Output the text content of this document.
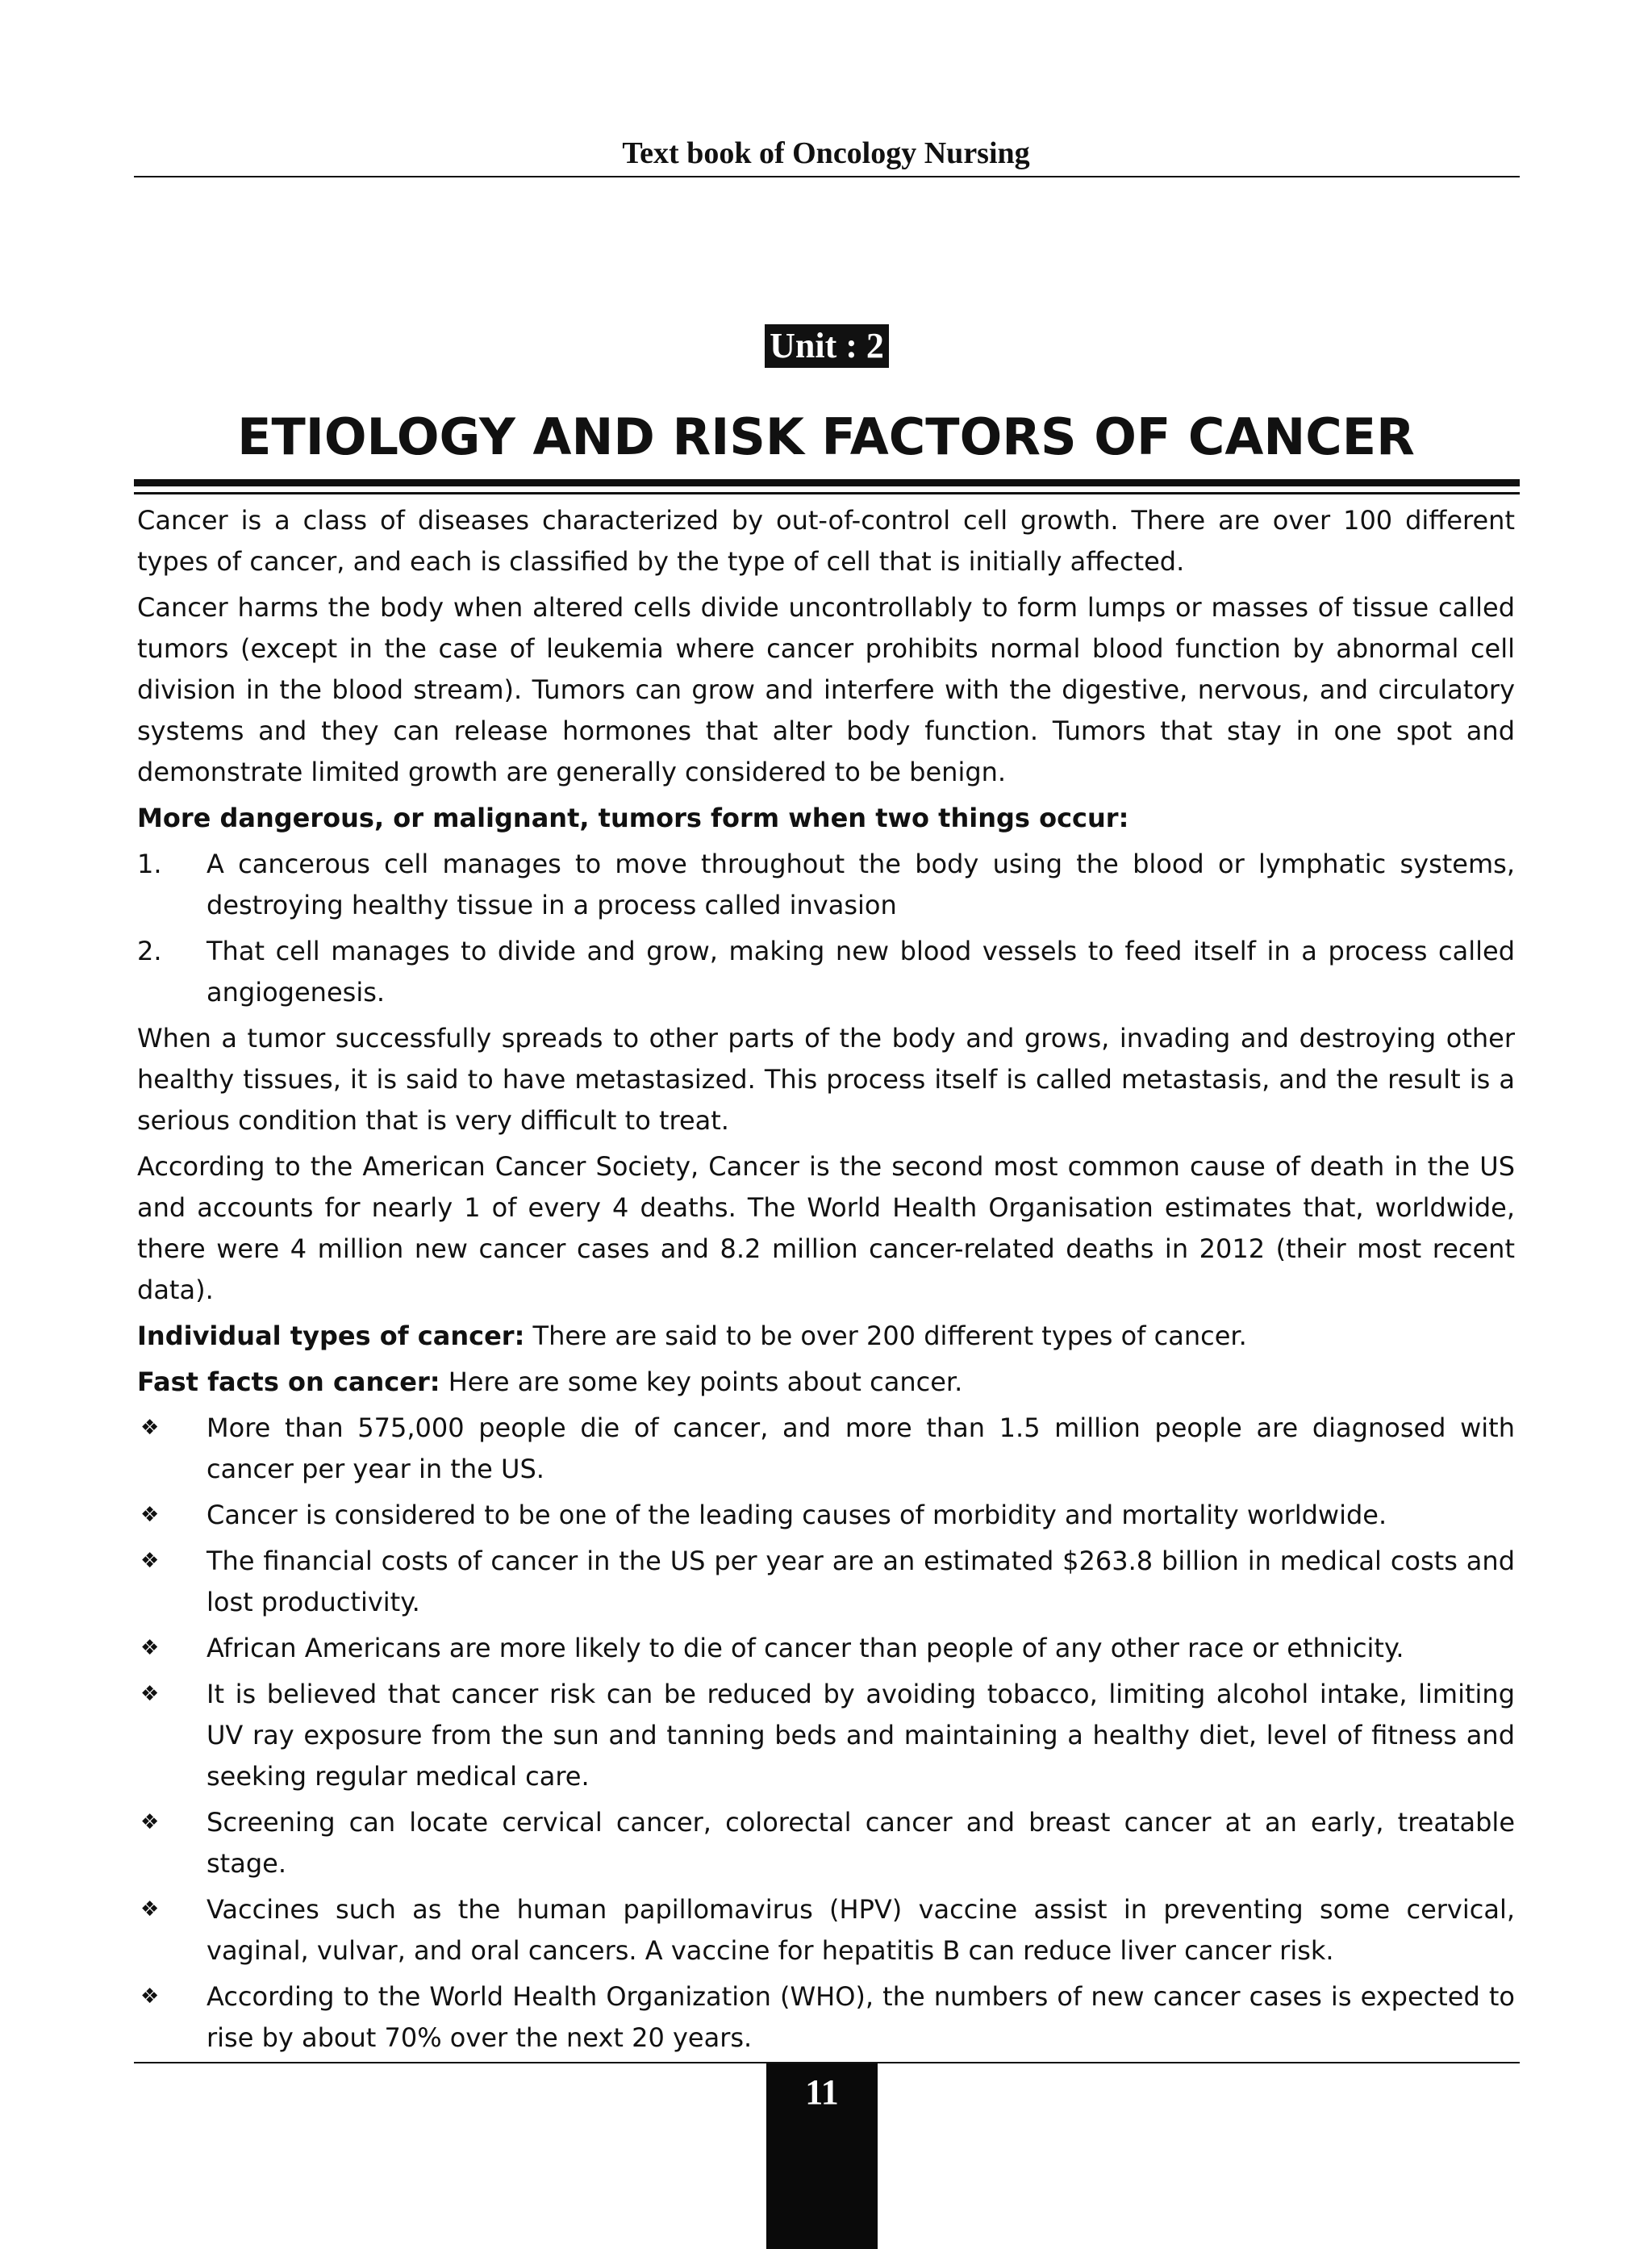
Text book of Oncology Nursing
Unit : 2
ETIOLOGY AND RISK FACTORS OF CANCER

Cancer is a class of diseases characterized by out-of-control cell growth. There are over 100 different types of cancer, and each is classified by the type of cell that is initially affected.

Cancer harms the body when altered cells divide uncontrollably to form lumps or masses of tissue called tumors (except in the case of leukemia where cancer prohibits normal blood function by abnormal cell division in the blood stream). Tumors can grow and interfere with the digestive, nervous, and circulatory systems and they can release hormones that alter body function. Tumors that stay in one spot and demonstrate limited growth are generally considered to be benign.

More dangerous, or malignant, tumors form when two things occur:

1.	A cancerous cell manages to move throughout the body using the blood or lymphatic systems, destroying healthy tissue in a process called invasion
2.	That cell manages to divide and grow, making new blood vessels to feed itself in a process called angiogenesis.

When a tumor successfully spreads to other parts of the body and grows, invading and destroying other healthy tissues, it is said to have metastasized. This process itself is called metastasis, and the result is a serious condition that is very difficult to treat.

According to the American Cancer Society, Cancer is the second most common cause of death in the US and accounts for nearly 1 of every 4 deaths. The World Health Organisation estimates that, worldwide, there were 4 million new cancer cases and 8.2 million cancer-related deaths in 2012 (their most recent data).

Individual types of cancer: There are said to be over 200 different types of cancer.

Fast facts on cancer: Here are some key points about cancer.

❖	More than 575,000 people die of cancer, and more than 1.5 million people are diagnosed with cancer per year in the US.
❖	Cancer is considered to be one of the leading causes of morbidity and mortality worldwide.
❖	The financial costs of cancer in the US per year are an estimated $263.8 billion in medical costs and lost productivity.
❖	African Americans are more likely to die of cancer than people of any other race or ethnicity.
❖	It is believed that cancer risk can be reduced by avoiding tobacco, limiting alcohol intake, limiting UV ray exposure from the sun and tanning beds and maintaining a healthy diet, level of fitness and seeking regular medical care.
❖	Screening can locate cervical cancer, colorectal cancer and breast cancer at an early, treatable stage.
❖	Vaccines such as the human papillomavirus (HPV) vaccine assist in preventing some cervical, vaginal, vulvar, and oral cancers. A vaccine for hepatitis B can reduce liver cancer risk.
❖	According to the World Health Organization (WHO), the numbers of new cancer cases is expected to rise by about 70% over the next 20 years.
11
